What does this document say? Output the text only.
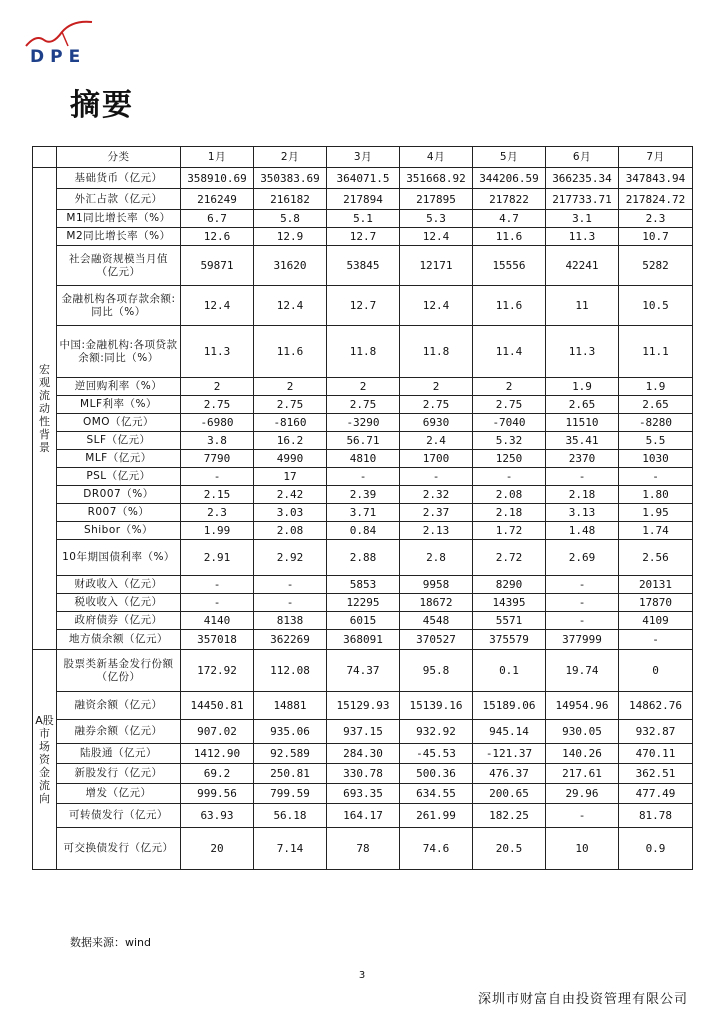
DPE
摘要
	分类	1月	2月	3月	4月	5月	6月	7月
宏观流动性背景	基础货币（亿元）	358910.69	350383.69	364071.5	351668.92	344206.59	366235.34	347843.94
	外汇占款（亿元）	216249	216182	217894	217895	217822	217733.71	217824.72
	M1同比增长率（%）	6.7	5.8	5.1	5.3	4.7	3.1	2.3
	M2同比增长率（%）	12.6	12.9	12.7	12.4	11.6	11.3	10.7
	社会融资规模当月值（亿元）	59871	31620	53845	12171	15556	42241	5282
	金融机构各项存款余额:同比（%）	12.4	12.4	12.7	12.4	11.6	11	10.5
	中国:金融机构:各项贷款余额:同比（%）	11.3	11.6	11.8	11.8	11.4	11.3	11.1
	逆回购利率（%）	2	2	2	2	2	1.9	1.9
	MLF利率（%）	2.75	2.75	2.75	2.75	2.75	2.65	2.65
	OMO（亿元）	-6980	-8160	-3290	6930	-7040	11510	-8280
	SLF（亿元）	3.8	16.2	56.71	2.4	5.32	35.41	5.5
	MLF（亿元）	7790	4990	4810	1700	1250	2370	1030
	PSL（亿元）	-	17	-	-	-	-	-
	DR007（%）	2.15	2.42	2.39	2.32	2.08	2.18	1.80
	R007（%）	2.3	3.03	3.71	2.37	2.18	3.13	1.95
	Shibor（%）	1.99	2.08	0.84	2.13	1.72	1.48	1.74
	10年期国债利率（%）	2.91	2.92	2.88	2.8	2.72	2.69	2.56
	财政收入（亿元）	-	-	5853	9958	8290	-	20131
	税收收入（亿元）	-	-	12295	18672	14395	-	17870
	政府债券（亿元）	4140	8138	6015	4548	5571	-	4109
	地方债余额（亿元）	357018	362269	368091	370527	375579	377999	-
A股市场资金流向	股票类新基金发行份额（亿份）	172.92	112.08	74.37	95.8	0.1	19.74	0
	融资余额（亿元）	14450.81	14881	15129.93	15139.16	15189.06	14954.96	14862.76
	融券余额（亿元）	907.02	935.06	937.15	932.92	945.14	930.05	932.87
	陆股通（亿元）	1412.90	92.589	284.30	-45.53	-121.37	140.26	470.11
	新股发行（亿元）	69.2	250.81	330.78	500.36	476.37	217.61	362.51
	增发（亿元）	999.56	799.59	693.35	634.55	200.65	29.96	477.49
	可转债发行（亿元）	63.93	56.18	164.17	261.99	182.25	-	81.78
	可交换债发行（亿元）	20	7.14	78	74.6	20.5	10	0.9
数据来源：wind
3
深圳市财富自由投资管理有限公司
